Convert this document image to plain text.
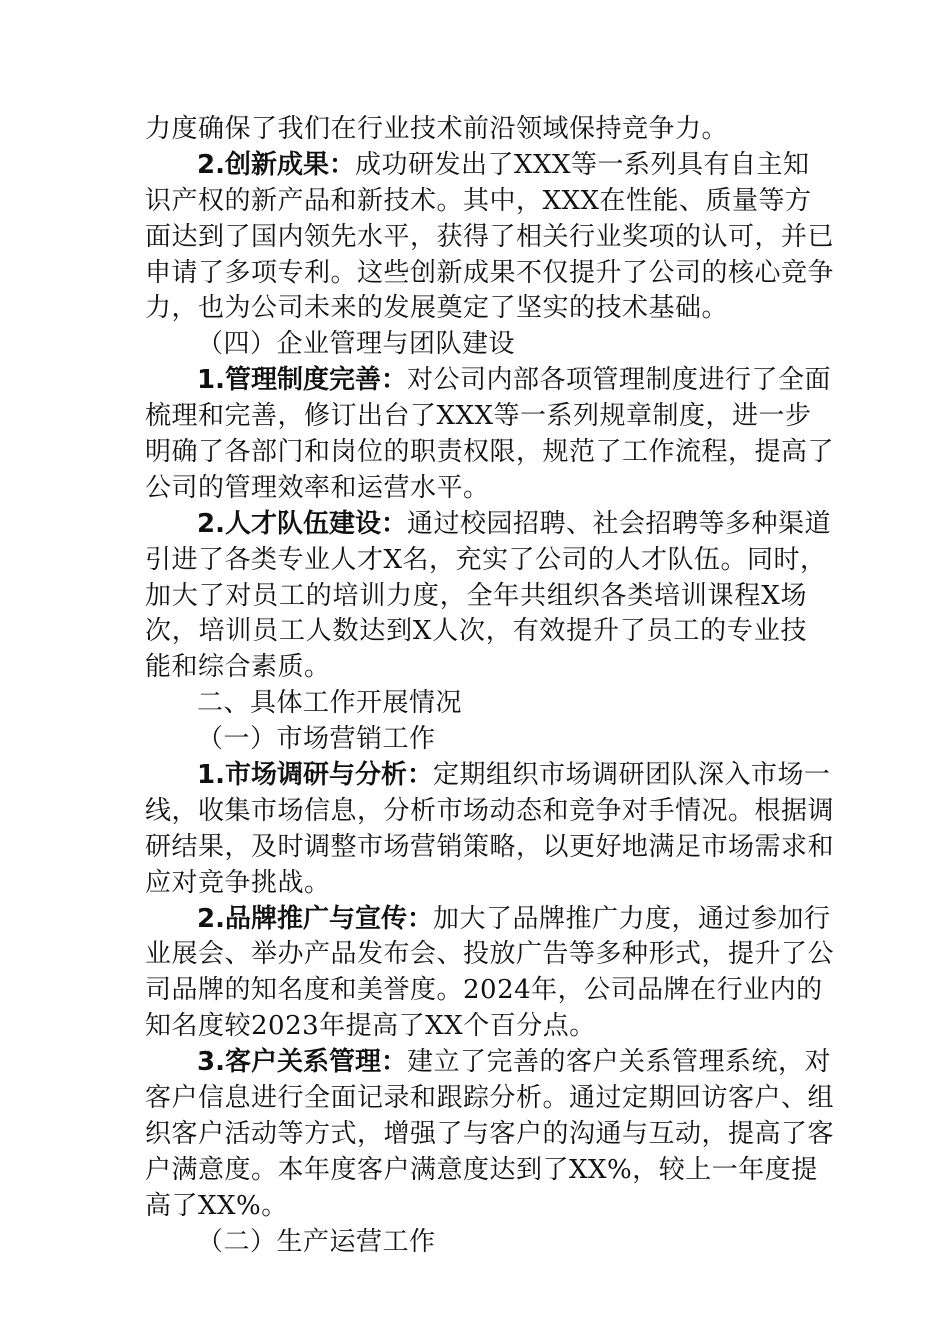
力度确保了我们在行业技术前沿领域保持竞争力。
2.创新成果：成功研发出了XXX等一系列具有自主知
识产权的新产品和新技术。其中，XXX在性能、质量等方
面达到了国内领先水平，获得了相关行业奖项的认可，并已
申请了多项专利。这些创新成果不仅提升了公司的核心竞争
力，也为公司未来的发展奠定了坚实的技术基础。
（四）企业管理与团队建设
1.管理制度完善：对公司内部各项管理制度进行了全面
梳理和完善，修订出台了XXX等一系列规章制度，进一步
明确了各部门和岗位的职责权限，规范了工作流程，提高了
公司的管理效率和运营水平。
2.人才队伍建设：通过校园招聘、社会招聘等多种渠道
引进了各类专业人才X名，充实了公司的人才队伍。同时，
加大了对员工的培训力度，全年共组织各类培训课程X场
次，培训员工人数达到X人次，有效提升了员工的专业技
能和综合素质。
二、具体工作开展情况
（一）市场营销工作
1.市场调研与分析：定期组织市场调研团队深入市场一
线，收集市场信息，分析市场动态和竞争对手情况。根据调
研结果，及时调整市场营销策略，以更好地满足市场需求和
应对竞争挑战。
2.品牌推广与宣传：加大了品牌推广力度，通过参加行
业展会、举办产品发布会、投放广告等多种形式，提升了公
司品牌的知名度和美誉度。2024年，公司品牌在行业内的
知名度较2023年提高了XX个百分点。
3.客户关系管理：建立了完善的客户关系管理系统，对
客户信息进行全面记录和跟踪分析。通过定期回访客户、组
织客户活动等方式，增强了与客户的沟通与互动，提高了客
户满意度。本年度客户满意度达到了XX%，较上一年度提
高了XX%。
（二）生产运营工作
